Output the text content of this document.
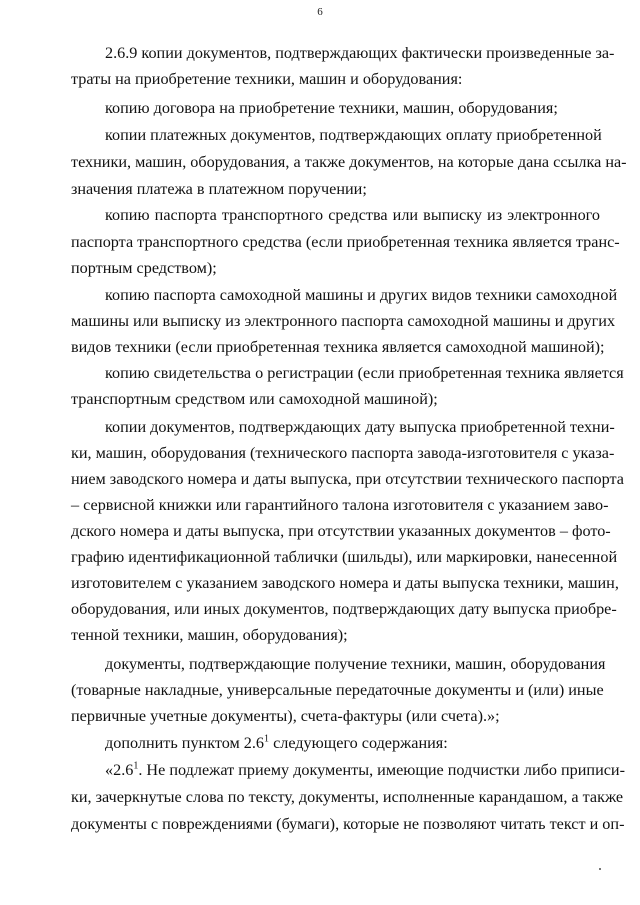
6
2.6.9 копии документов, подтверждающих фактически произведенные за-
траты на приобретение техники, машин и оборудования:
копию договора на приобретение техники, машин, оборудования;
копии платежных документов, подтверждающих оплату приобретенной
техники, машин, оборудования, а также документов, на которые дана ссылка на-
значения платежа в платежном поручении;
копию паспорта транспортного средства или выписку из электронного
паспорта транспортного средства (если приобретенная техника является транс-
портным средством);
копию паспорта самоходной машины и других видов техники самоходной
машины или выписку из электронного паспорта самоходной машины и других
видов техники (если приобретенная техника является самоходной машиной);
копию свидетельства о регистрации (если приобретенная техника является
транспортным средством или самоходной машиной);
копии документов, подтверждающих дату выпуска приобретенной техни-
ки, машин, оборудования (технического паспорта завода-изготовителя с указа-
нием заводского номера и даты выпуска, при отсутствии технического паспорта
– сервисной книжки или гарантийного талона изготовителя с указанием заво-
дского номера и даты выпуска, при отсутствии указанных документов – фото-
графию идентификационной таблички (шильды), или маркировки, нанесенной
изготовителем с указанием заводского номера и даты выпуска техники, машин,
оборудования, или иных документов, подтверждающих дату выпуска приобре-
тенной техники, машин, оборудования);
документы, подтверждающие получение техники, машин, оборудования
(товарные накладные, универсальные передаточные документы и (или) иные
первичные учетные документы), счета-фактуры (или счета).»;
дополнить пунктом $2.6^1$ следующего содержания:
«$2.6^1$. Не подлежат приему документы, имеющие подчистки либо приписи-
ки, зачеркнутые слова по тексту, документы, исполненные карандашом, а также
документы с повреждениями (бумаги), которые не позволяют читать текст и оп-
